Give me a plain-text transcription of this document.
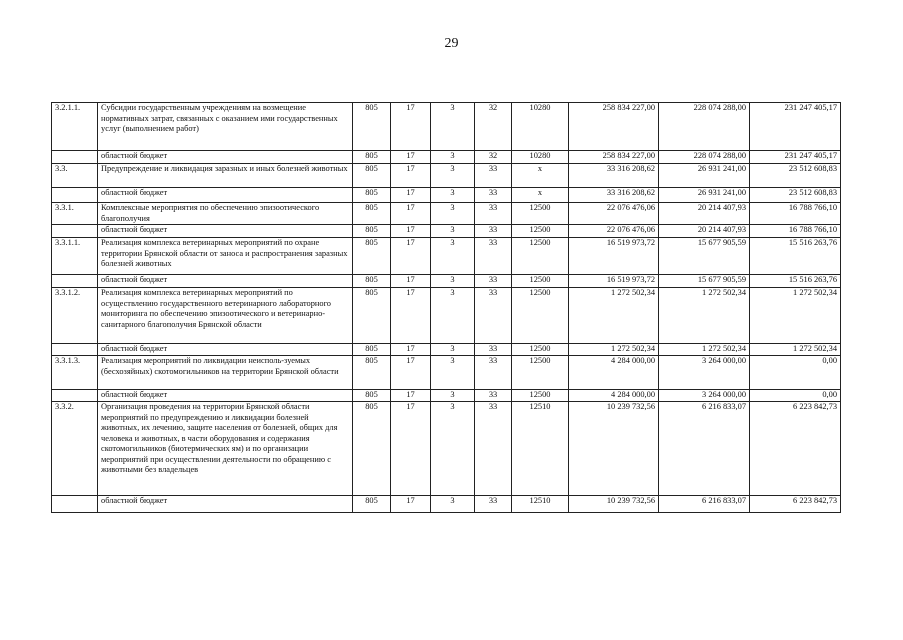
29
3.2.1.1.	Субсидии государственным учреждениям на возмещение нормативных затрат, связанных с оказанием ими государственных услуг (выполнением работ)	805	17	3	32	10280	258 834 227,00	228 074 288,00	231 247 405,17
	областной бюджет	805	17	3	32	10280	258 834 227,00	228 074 288,00	231 247 405,17
3.3.	Предупреждение и ликвидация заразных и иных болезней животных	805	17	3	33	х	33 316 208,62	26 931 241,00	23 512 608,83
	областной бюджет	805	17	3	33	х	33 316 208,62	26 931 241,00	23 512 608,83
3.3.1.	Комплексные мероприятия по обеспечению эпизоотического благополучия	805	17	3	33	12500	22 076 476,06	20 214 407,93	16 788 766,10
	областной бюджет	805	17	3	33	12500	22 076 476,06	20 214 407,93	16 788 766,10
3.3.1.1.	Реализация комплекса ветеринарных мероприятий по охране территории Брянской области от заноса и распространения заразных болезней животных	805	17	3	33	12500	16 519 973,72	15 677 905,59	15 516 263,76
	областной бюджет	805	17	3	33	12500	16 519 973,72	15 677 905,59	15 516 263,76
3.3.1.2.	Реализация комплекса ветеринарных мероприятий по осуществлению государственного ветеринарного лабораторного мониторинга по обеспечению эпизоотического и ветеринарно-санитарного благополучия Брянской области	805	17	3	33	12500	1 272 502,34	1 272 502,34	1 272 502,34
	областной бюджет	805	17	3	33	12500	1 272 502,34	1 272 502,34	1 272 502,34
3.3.1.3.	Реализация мероприятий по ликвидации неисполь-зуемых (бесхозяйных) скотомогильников на территории Брянской области	805	17	3	33	12500	4 284 000,00	3 264 000,00	0,00
	областной бюджет	805	17	3	33	12500	4 284 000,00	3 264 000,00	0,00
3.3.2.	Организация проведения на территории Брянской области мероприятий по предупреждению и ликвидации болезней животных, их лечению, защите населения от болезней, общих для человека и животных, в части оборудования и содержания скотомогильников (биотермических ям) и по организации мероприятий при осуществлении деятельности по обращению с животными без владельцев	805	17	3	33	12510	10 239 732,56	6 216 833,07	6 223 842,73
	областной бюджет	805	17	3	33	12510	10 239 732,56	6 216 833,07	6 223 842,73
